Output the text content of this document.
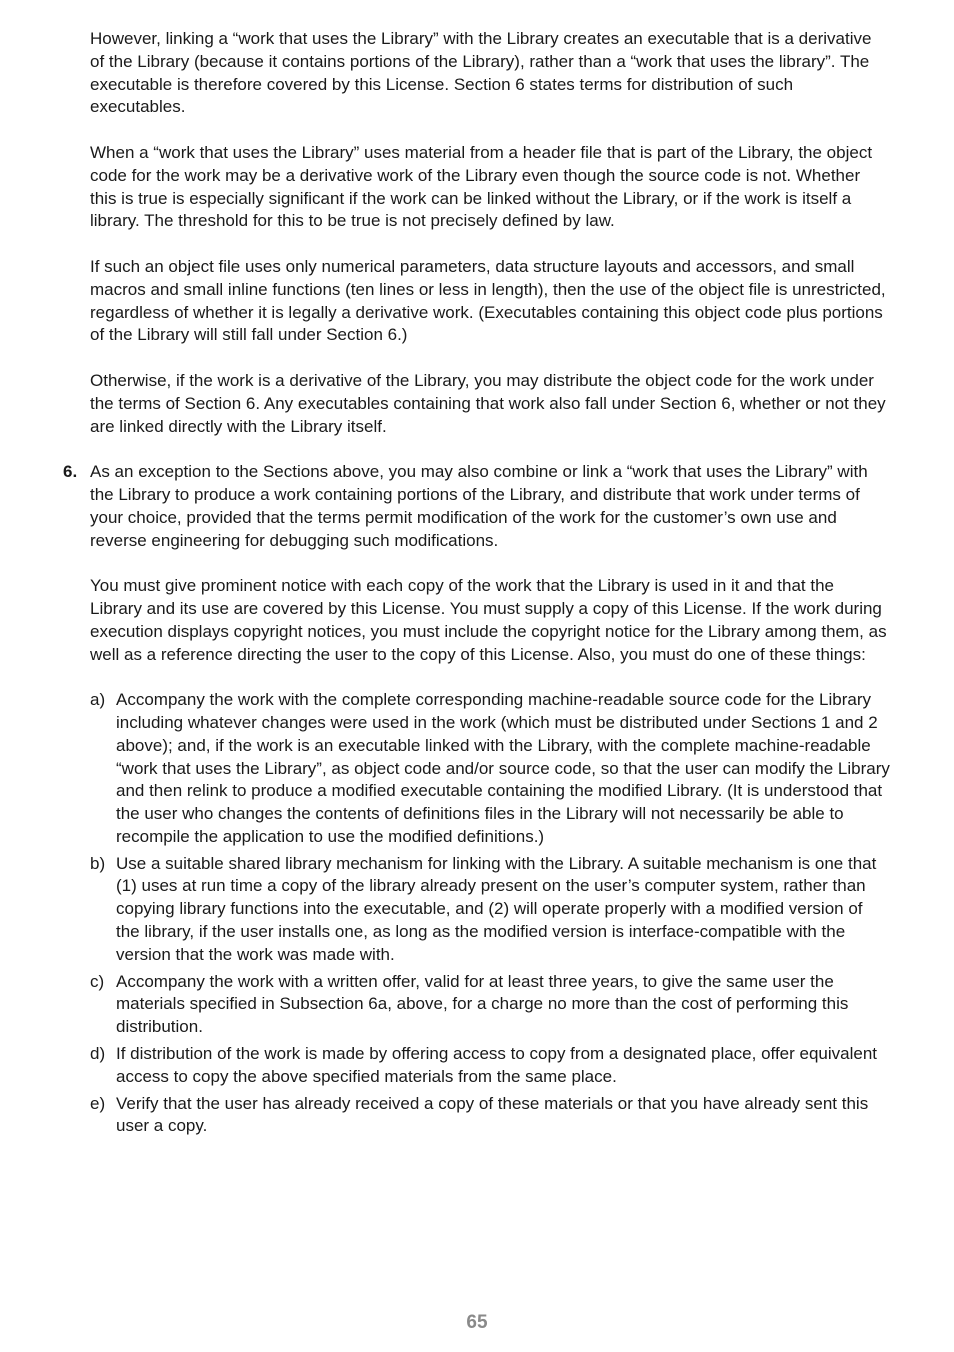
However, linking a “work that uses the Library” with the Library creates an executable that is a derivative of the Library (because it contains portions of the Library), rather than a “work that uses the library”. The executable is therefore covered by this License. Section 6 states terms for distribution of such executables.

When a “work that uses the Library” uses material from a header file that is part of the Library, the object code for the work may be a derivative work of the Library even though the source code is not. Whether this is true is especially significant if the work can be linked without the Library, or if the work is itself a library. The threshold for this to be true is not precisely defined by law.

If such an object file uses only numerical parameters, data structure layouts and accessors, and small macros and small inline functions (ten lines or less in length), then the use of the object file is unrestricted, regardless of whether it is legally a derivative work. (Executables containing this object code plus portions of the Library will still fall under Section 6.)

Otherwise, if the work is a derivative of the Library, you may distribute the object code for the work under the terms of Section 6. Any executables containing that work also fall under Section 6, whether or not they are linked directly with the Library itself.

6. As an exception to the Sections above, you may also combine or link a “work that uses the Library” with the Library to produce a work containing portions of the Library, and distribute that work under terms of your choice, provided that the terms permit modification of the work for the customer’s own use and reverse engineering for debugging such modifications.

You must give prominent notice with each copy of the work that the Library is used in it and that the Library and its use are covered by this License. You must supply a copy of this License. If the work during execution displays copyright notices, you must include the copyright notice for the Library among them, as well as a reference directing the user to the copy of this License. Also, you must do one of these things:

a) Accompany the work with the complete corresponding machine-readable source code for the Library including whatever changes were used in the work (which must be distributed under Sections 1 and 2 above); and, if the work is an executable linked with the Library, with the complete machine-readable “work that uses the Library”, as object code and/or source code, so that the user can modify the Library and then relink to produce a modified executable containing the modified Library. (It is understood that the user who changes the contents of definitions files in the Library will not necessarily be able to recompile the application to use the modified definitions.)
b) Use a suitable shared library mechanism for linking with the Library. A suitable mechanism is one that (1) uses at run time a copy of the library already present on the user’s computer system, rather than copying library functions into the executable, and (2) will operate properly with a modified version of the library, if the user installs one, as long as the modified version is interface-compatible with the version that the work was made with.
c) Accompany the work with a written offer, valid for at least three years, to give the same user the materials specified in Subsection 6a, above, for a charge no more than the cost of performing this distribution.
d) If distribution of the work is made by offering access to copy from a designated place, offer equivalent access to copy the above specified materials from the same place.
e) Verify that the user has already received a copy of these materials or that you have already sent this user a copy.
65
